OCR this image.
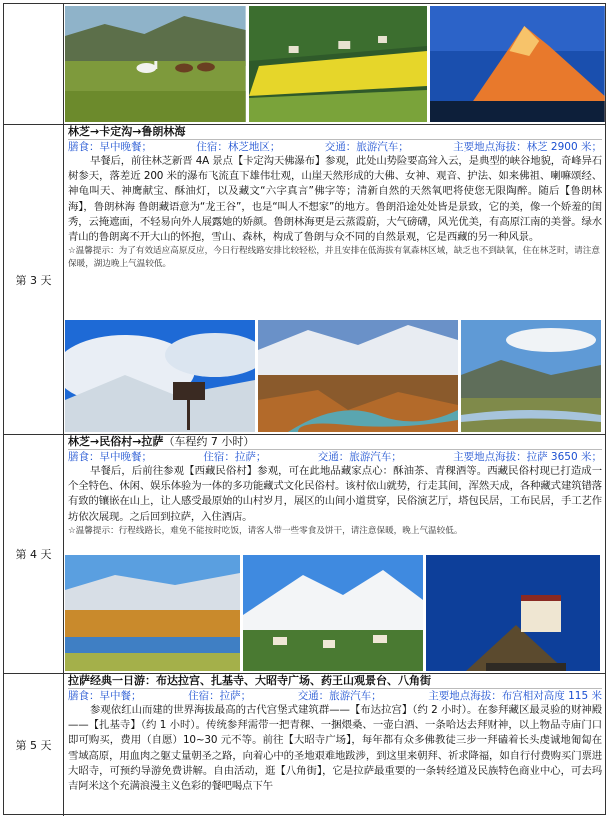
第 3 天
林芝→卡定沟→鲁朗林海
膳食：早中晚餐；	住宿：林芝地区；	交通：旅游汽车；	主要地点海拔：林芝 2900 米；

早餐后，前往林芝新晋 4A 景点【卡定沟天佛瀑布】参观，此处山势险要高耸入云，是典型的峡谷地貌，奇峰异石树参天，落差近 200 米的瀑布飞流直下雄伟壮观，山崖天然形成的大佛、女神、观音、护法、如来佛祖、喇嘛颂经、神龟叫天、神鹰献宝、酥油灯，以及藏文“六字真言”佛字等；清新自然的天然氧吧将使您无限陶醉。随后【鲁朗林海】，鲁朗林海 鲁朗藏语意为“龙王谷”，也是“叫人不想家”的地方。鲁朗沿途处处皆是景致，它的美，像一个娇羞的闺秀，云掩遮面，不轻易向外人展露她的娇颜。鲁朗林海更是云蒸霞蔚，大气磅礴，风光优美，有高原江南的美誉。绿水青山的鲁朗离不开大山的怀抱，雪山、森林，构成了鲁朗与众不同的自然景观，它是西藏的另一种风景。

☆温馨提示：为了有效适应高原反应，今日行程线路安排比较轻松，并且安排在低海拔有氧森林区域，缺乏也不到缺氧，住在林芝时，请注意保暖，湖边晚上气温较低。

第 4 天
林芝→民俗村→拉萨（车程约 7 小时）
膳食：早中晚餐；	住宿：拉萨；	交通：旅游汽车；	主要地点海拔：拉萨 3650 米；

早餐后，后前往参观【西藏民俗村】参观，可在此地品藏家点心：酥油茶、青稞酒等。西藏民俗村现已打造成一个全特色、休闲、娱乐体验为一体的多功能藏式文化民俗村。该村依山就势，行走其间，浑然天成，各种藏式建筑错落有致的镶嵌在山上，让人感受最原始的山村岁月，展区的山间小道贯穿，民俗演艺厅，塔包民居，工布民居，手工艺作坊依次展现。之后回到拉萨，入住酒店。

☆温馨提示：行程线路长，难免不能按时吃饭，请客人带一些零食及饼干，请注意保暖，晚上气温较低。

第 5 天
拉萨经典一日游：布达拉宫、扎基寺、大昭寺广场、药王山观景台、八角街
膳食：早中餐；	住宿：拉萨；	交通：旅游汽车；	主要地点海拔：布宫相对高度 115 米

参观依红山而建的世界海拔最高的古代宫堡式建筑群——【布达拉宫】（约 2 小时）。在参拜藏区最灵验的财神殿——【扎基寺】（约 1 小时）。传统参拜需带一把青稞、一捆煨桑、一壶白酒、一条哈达去拜财神，以上物品寺庙门口即可购买，费用（自愿）10~30 元不等。前往【大昭寺广场】，每年都有众多佛教徒三步一拜磕着长头虔诚地匍匐在雪域高原，用血肉之躯丈量朝圣之路，向着心中的圣地艰难地跋涉，到这里来朝拜、祈求降福，如自行付费购买门票进大昭寺，可预约导游免费讲解。自由活动，逛【八角街】，它是拉萨最重要的一条转经道及民族特色商业中心，可去玛吉阿米这个充满浪漫主义色彩的餐吧喝点下午
